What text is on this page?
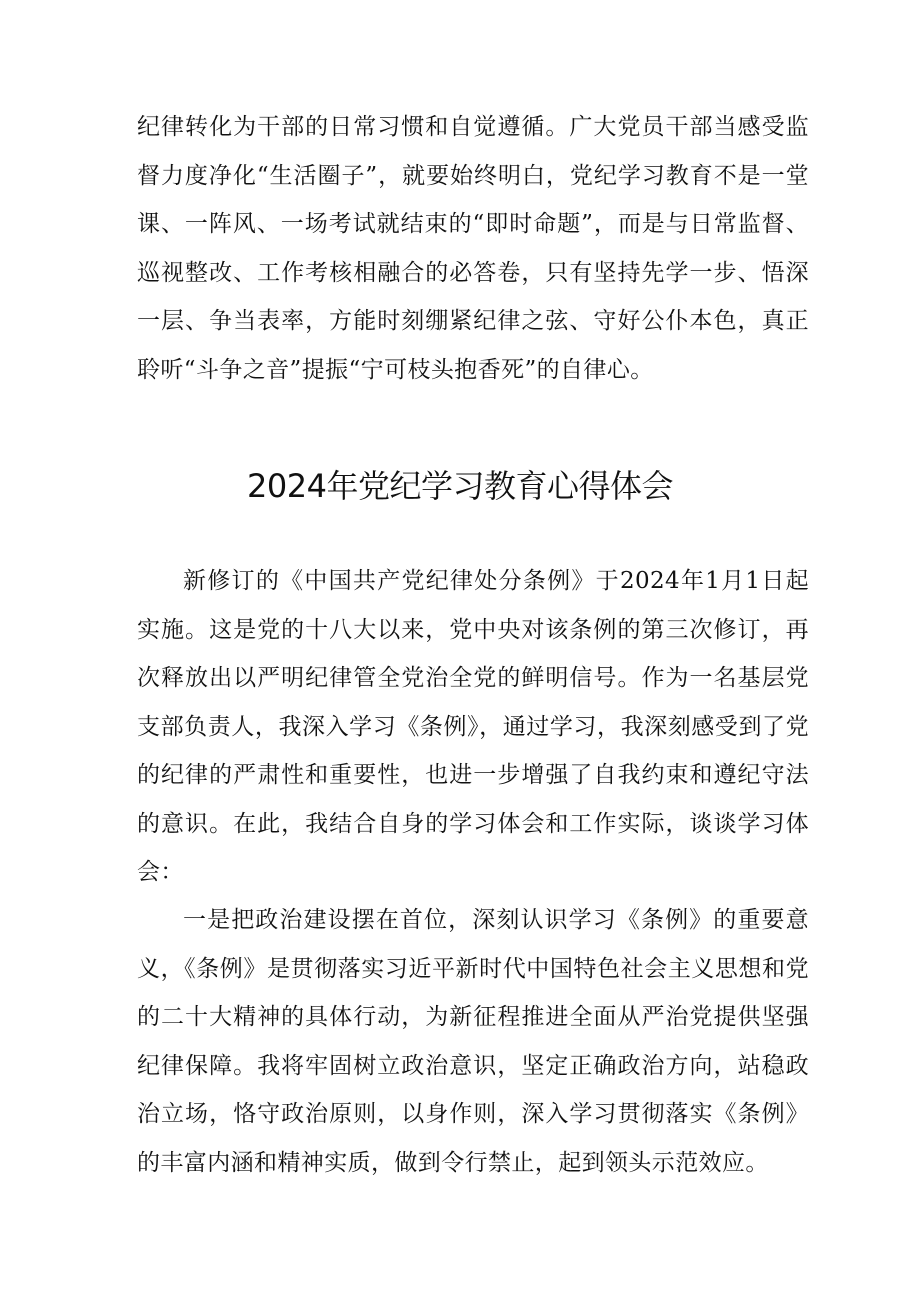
纪律转化为干部的日常习惯和自觉遵循。广大党员干部当感受监督力度净化“生活圈子”，就要始终明白，党纪学习教育不是一堂课、一阵风、一场考试就结束的“即时命题”，而是与日常监督、巡视整改、工作考核相融合的必答卷，只有坚持先学一步、悟深一层、争当表率，方能时刻绷紧纪律之弦、守好公仆本色，真正聆听“斗争之音”提振“宁可枝头抱香死”的自律心。

2024年党纪学习教育心得体会

新修订的《中国共产党纪律处分条例》于2024年1月1日起实施。这是党的十八大以来，党中央对该条例的第三次修订，再次释放出以严明纪律管全党治全党的鲜明信号。作为一名基层党支部负责人，我深入学习《条例》，通过学习，我深刻感受到了党的纪律的严肃性和重要性，也进一步增强了自我约束和遵纪守法的意识。在此，我结合自身的学习体会和工作实际，谈谈学习体会：

一是把政治建设摆在首位，深刻认识学习《条例》的重要意义，《条例》是贯彻落实习近平新时代中国特色社会主义思想和党的二十大精神的具体行动，为新征程推进全面从严治党提供坚强纪律保障。我将牢固树立政治意识，坚定正确政治方向，站稳政治立场，恪守政治原则，以身作则，深入学习贯彻落实《条例》的丰富内涵和精神实质，做到令行禁止，起到领头示范效应。
